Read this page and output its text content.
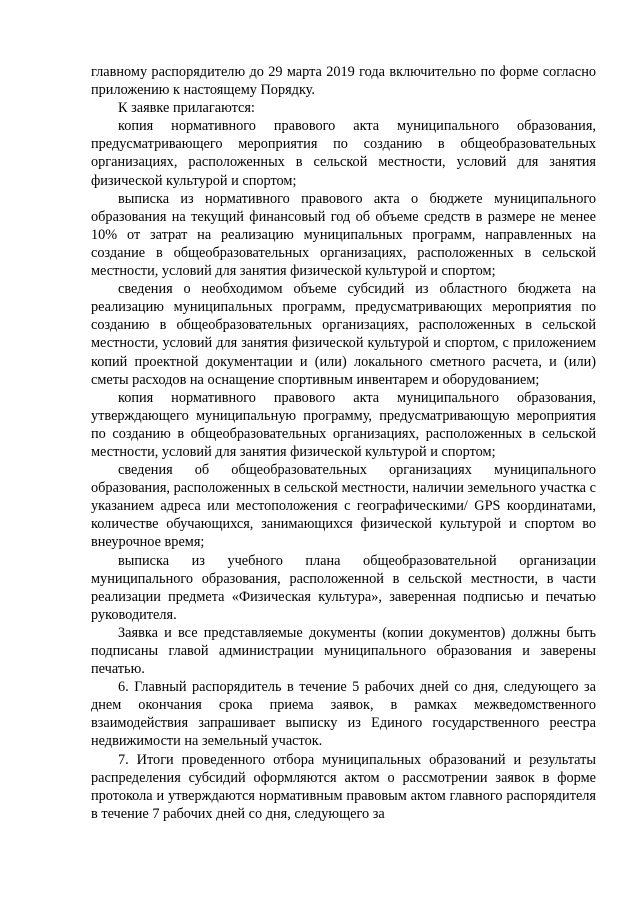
главному распорядителю до 29 марта 2019 года включительно по форме согласно приложению к настоящему Порядку.

К заявке прилагаются:

копия нормативного правового акта муниципального образования, предусматривающего мероприятия по созданию в общеобразовательных организациях, расположенных в сельской местности, условий для занятия физической культурой и спортом;

выписка из нормативного правового акта о бюджете муниципального образования на текущий финансовый год об объеме средств в размере не менее 10% от затрат на реализацию муниципальных программ, направленных на создание в общеобразовательных организациях, расположенных в сельской местности, условий для занятия физической культурой и спортом;

сведения о необходимом объеме субсидий из областного бюджета на реализацию муниципальных программ, предусматривающих мероприятия по созданию в общеобразовательных организациях, расположенных в сельской местности, условий для занятия физической культурой и спортом, с приложением копий проектной документации и (или) локального сметного расчета, и (или) сметы расходов на оснащение спортивным инвентарем и оборудованием;

копия нормативного правового акта муниципального образования, утверждающего муниципальную программу, предусматривающую мероприятия по созданию в общеобразовательных организациях, расположенных в сельской местности, условий для занятия физической культурой и спортом;

сведения об общеобразовательных организациях муниципального образования, расположенных в сельской местности, наличии земельного участка с указанием адреса или местоположения с географическими/ GPS координатами, количестве обучающихся, занимающихся физической культурой и спортом во внеурочное время;

выписка из учебного плана общеобразовательной организации муниципального образования, расположенной в сельской местности, в части реализации предмета «Физическая культура», заверенная подписью и печатью руководителя.

Заявка и все представляемые документы (копии документов) должны быть подписаны главой администрации муниципального образования и заверены печатью.

6. Главный распорядитель в течение 5 рабочих дней со дня, следующего за днем окончания срока приема заявок, в рамках межведомственного взаимодействия запрашивает выписку из Единого государственного реестра недвижимости на земельный участок.

7. Итоги проведенного отбора муниципальных образований и результаты распределения субсидий оформляются актом о рассмотрении заявок в форме протокола и утверждаются нормативным правовым актом главного распорядителя в течение 7 рабочих дней со дня, следующего за
